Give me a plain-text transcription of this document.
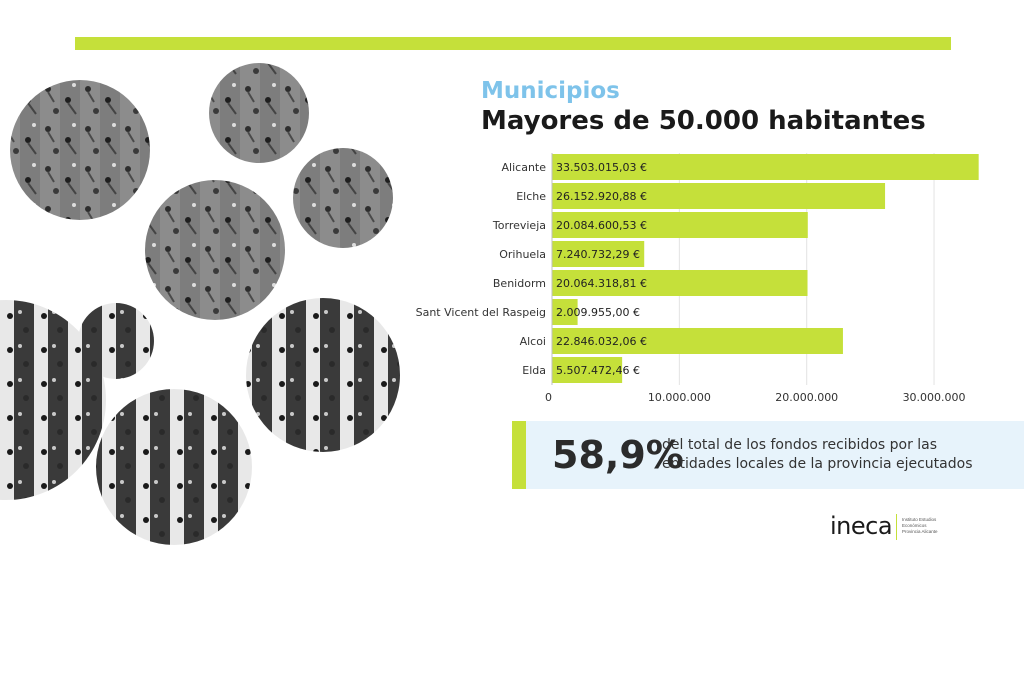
Municipios
Mayores de 50.000 habitantes
0	10.000.000	20.000.000	30.000.000
Alicante 33.503.015,03 €
Elche 26.152.920,88 €
Torrevieja 20.084.600,53 €
Orihuela 7.240.732,29 €
Benidorm 20.064.318,81 €
Sant Vicent del Raspeig 2.009.955,00 €
Alcoi 22.846.032,06 €
Elda 5.507.472,46 €
58,9%
del total de los fondos recibidos por las
entidades locales de la provincia ejecutados
ineca Instituto Estudios
Económicos
Provincia Alicante
